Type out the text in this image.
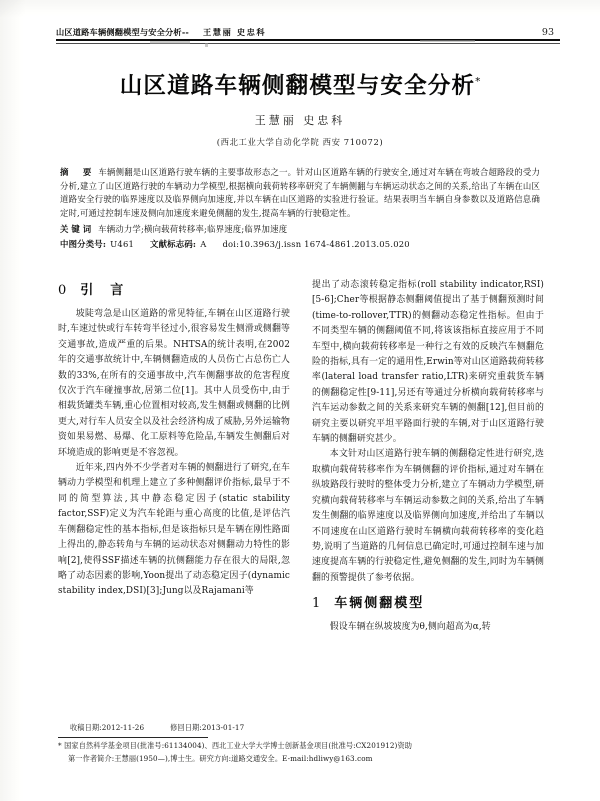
山区道路车辆侧翻模型与安全分析-- 王慧丽 史忠科	93
山区道路车辆侧翻模型与安全分析*
王慧丽 史忠科
(西北工业大学自动化学院 西安 710072)
摘　要 车辆侧翻是山区道路行驶车辆的主要事故形态之一。针对山区道路车辆的行驶安全,通过对车辆在弯坡合超路段的受力分析,建立了山区道路行驶的车辆动力学模型,根据横向载荷转移率研究了车辆侧翻与车辆运动状态之间的关系,给出了车辆在山区道路安全行驶的临界速度以及临界侧向加速度,并以车辆在山区道路的实验进行验证。结果表明当车辆自身参数以及道路信息确定时,可通过控制车速及侧向加速度来避免侧翻的发生,提高车辆的行驶稳定性。
关键词 车辆动力学;横向载荷转移率;临界速度;临界加速度
中图分类号: U461 文献标志码: A doi:10.3963/j.issn 1674-4861.2013.05.020
0 引　言

坡陡弯急是山区道路的常见特征,车辆在山区道路行驶时,车速过快或行车转弯半径过小,很容易发生侧滑或侧翻等交通事故,造成严重的后果。NHTSA的统计表明,在2002年的交通事故统计中,车辆侧翻造成的人员伤亡占总伤亡人数的33%,在所有的交通事故中,汽车侧翻事故的危害程度仅次于汽车碰撞事故,居第二位[1]。其中人员受伤中,由于相载货罐类车辆,重心位置相对较高,发生侧翻或侧翻的比例更大,对行车人员安全以及社会经济构成了威胁,另外运输物资如果易燃、易爆、化工原料等危险品,车辆发生侧翻后对环境造成的影响更是不容忽视。

近年来,四内外不少学者对车辆的侧翻进行了研究,在车辆动力学模型和机理上建立了多种侧翻评价指标,最早于不同的简型算法,其中静态稳定因子(static stability factor,SSF)定义为汽车轮距与重心高度的比值,是评估汽车侧翻稳定性的基本指标,但是该指标只是车辆在刚性路面上得出的,静态转角与车辆的运动状态对侧翻动力特性的影响[2],使得SSF描述车辆的抗侧翻能力存在很大的局限,忽略了动态因素的影响,Yoon提出了动态稳定因子(dynamic stability index,DSI)[3];Jung以及Rajamani等

提出了动态滚转稳定指标(roll stability indicator,RSI)[5-6];Cher等根据静态侧翻阈值提出了基于侧翻预测时间(time-to-rollover,TTR)的侧翻动态稳定性指标。但由于不同类型车辆的侧翻阈值不同,将该该指标直接应用于不同车型中,横向载荷转移率是一种行之有效的反映汽车侧翻危险的指标,具有一定的通用性,Erwin等对山区道路载荷转移率(lateral load transfer ratio,LTR)来研究重载货车辆的侧翻稳定性[9-11],另还有等通过分析横向载荷转移率与汽车运动参数之间的关系来研究车辆的侧翻[12],但目前的研究主要以研究平坦平路面行驶的车辆,对于山区道路行驶车辆的侧翻研究甚少。

本文针对山区道路行驶车辆的侧翻稳定性进行研究,选取横向载荷转移率作为车辆侧翻的评价指标,通过对车辆在纵坡路段行驶时的整体受力分析,建立了车辆动力学模型,研究横向载荷转移率与车辆运动参数之间的关系,给出了车辆发生侧翻的临界速度以及临界侧向加速度,并给出了车辆以不同速度在山区道路行驶时车辆横向载荷转移率的变化趋势,说明了当道路的几何信息已确定时,可通过控制车速与加速度提高车辆的行驶稳定性,避免侧翻的发生,同时为车辆侧翻的预警提供了参考依据。

1 车辆侧翻模型

假设车辆在纵坡坡度为θ,侧向超高为α,转

收稿日期:2012-11-26	修回日期:2013-01-17
* 国家自然科学基金项目(批准号:61134004)、西北工业大学大学博士创新基金项目(批准号:CX201912)资助
第一作者简介:王慧丽(1950—),博士生。研究方向:道路交通安全。E-mail:hdliwy@163.com
